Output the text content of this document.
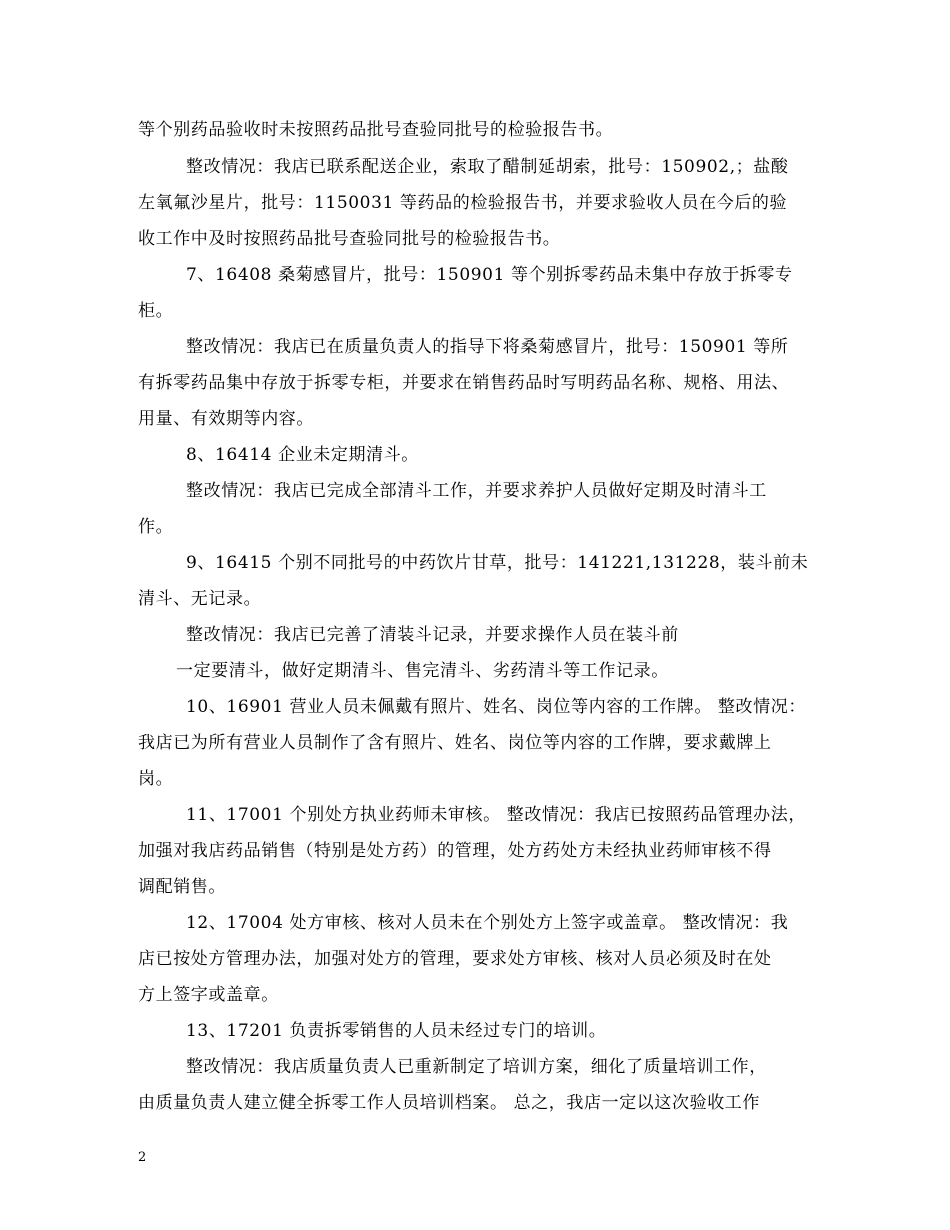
等个别药品验收时未按照药品批号查验同批号的检验报告书。
整改情况：我店已联系配送企业，索取了醋制延胡索，批号：150902,；盐酸
左氧氟沙星片，批号：1150031 等药品的检验报告书，并要求验收人员在今后的验
收工作中及时按照药品批号查验同批号的检验报告书。
7、16408 桑菊感冒片，批号：150901 等个别拆零药品未集中存放于拆零专
柜。
整改情况：我店已在质量负责人的指导下将桑菊感冒片，批号：150901 等所
有拆零药品集中存放于拆零专柜，并要求在销售药品时写明药品名称、规格、用法、
用量、有效期等内容。
8、16414 企业未定期清斗。
整改情况：我店已完成全部清斗工作，并要求养护人员做好定期及时清斗工
作。
9、16415 个别不同批号的中药饮片甘草，批号：141221,131228，装斗前未
清斗、无记录。
整改情况：我店已完善了清装斗记录，并要求操作人员在装斗前
一定要清斗，做好定期清斗、售完清斗、劣药清斗等工作记录。
10、16901 营业人员未佩戴有照片、姓名、岗位等内容的工作牌。 整改情况：
我店已为所有营业人员制作了含有照片、姓名、岗位等内容的工作牌，要求戴牌上
岗。
11、17001 个别处方执业药师未审核。 整改情况：我店已按照药品管理办法，
加强对我店药品销售（特别是处方药）的管理，处方药处方未经执业药师审核不得
调配销售。
12、17004 处方审核、核对人员未在个别处方上签字或盖章。 整改情况：我
店已按处方管理办法，加强对处方的管理，要求处方审核、核对人员必须及时在处
方上签字或盖章。
13、17201 负责拆零销售的人员未经过专门的培训。
整改情况：我店质量负责人已重新制定了培训方案，细化了质量培训工作，
由质量负责人建立健全拆零工作人员培训档案。 总之，我店一定以这次验收工作
2
